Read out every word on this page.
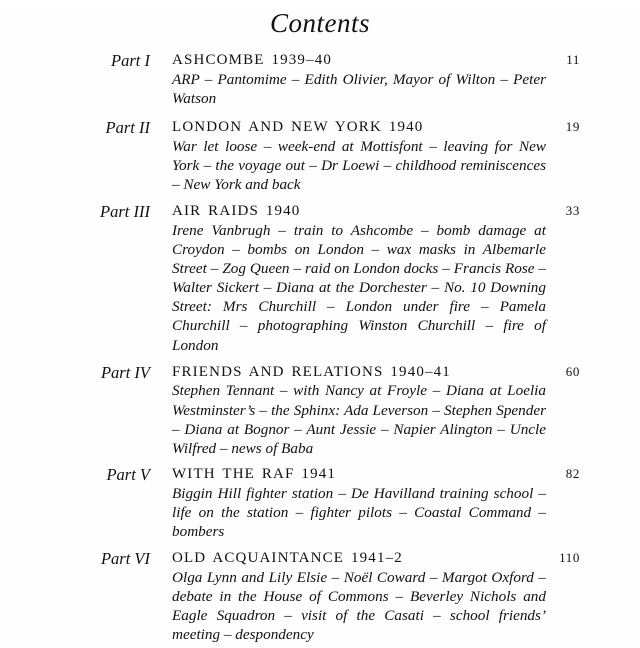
Contents
Part I	ASHCOMBE 1939–40	11
ARP – Pantomime – Edith Olivier, Mayor of Wilton – Peter Watson
Part II	LONDON AND NEW YORK 1940	19
War let loose – week-end at Mottisfont – leaving for New York – the voyage out – Dr Loewi – childhood reminiscences – New York and back
Part III	AIR RAIDS 1940	33
Irene Vanbrugh – train to Ashcombe – bomb damage at Croydon – bombs on London – wax masks in Albemarle Street – Zog Queen – raid on London docks – Francis Rose – Walter Sickert – Diana at the Dorchester – No. 10 Downing Street: Mrs Churchill – London under fire – Pamela Churchill – photographing Winston Churchill – fire of London
Part IV	FRIENDS AND RELATIONS 1940–41	60
Stephen Tennant – with Nancy at Froyle – Diana at Loelia Westminster’s – the Sphinx: Ada Leverson – Stephen Spender – Diana at Bognor – Aunt Jessie – Napier Alington – Uncle Wilfred – news of Baba
Part V	WITH THE RAF 1941	82
Biggin Hill fighter station – De Havilland training school – life on the station – fighter pilots – Coastal Command – bombers
Part VI	OLD ACQUAINTANCE 1941–2	110
Olga Lynn and Lily Elsie – Noël Coward – Margot Oxford – debate in the House of Commons – Beverley Nichols and Eagle Squadron – visit of the Casati – school friends’ meeting – despondency
